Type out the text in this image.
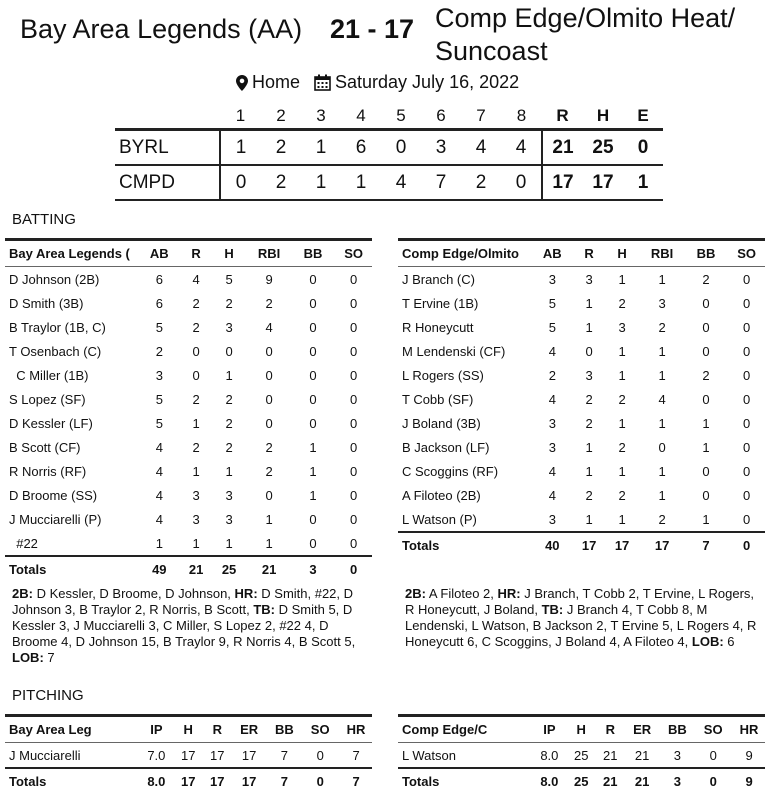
Bay Area Legends (AA) 21 - 17 Comp Edge/Olmito Heat/ Suncoast
Home Saturday July 16, 2022
	1	2	3	4	5	6	7	8	R	H	E
BYRL	1	2	1	6	0	3	4	4	21	25	0
CMPD	0	2	1	1	4	7	2	0	17	17	1
BATTING
Bay Area Legends (	AB	R	H	RBI	BB	SO
D Johnson (2B)	6	4	5	9	0	0
D Smith (3B)	6	2	2	2	0	0
B Traylor (1B, C)	5	2	3	4	0	0
T Osenbach (C)	2	0	0	0	0	0
C Miller (1B)	3	0	1	0	0	0
S Lopez (SF)	5	2	2	0	0	0
D Kessler (LF)	5	1	2	0	0	0
B Scott (CF)	4	2	2	2	1	0
R Norris (RF)	4	1	1	2	1	0
D Broome (SS)	4	3	3	0	1	0
J Mucciarelli (P)	4	3	3	1	0	0
#22	1	1	1	1	0	0
Totals	49	21	25	21	3	0
Comp Edge/Olmito	AB	R	H	RBI	BB	SO
J Branch (C)	3	3	1	1	2	0
T Ervine (1B)	5	1	2	3	0	0
R Honeycutt	5	1	3	2	0	0
M Lendenski (CF)	4	0	1	1	0	0
L Rogers (SS)	2	3	1	1	2	0
T Cobb (SF)	4	2	2	4	0	0
J Boland (3B)	3	2	1	1	1	0
B Jackson (LF)	3	1	2	0	1	0
C Scoggins (RF)	4	1	1	1	0	0
A Filoteo (2B)	4	2	2	1	0	0
L Watson (P)	3	1	1	2	1	0
Totals	40	17	17	17	7	0
2B: D Kessler, D Broome, D Johnson, HR: D Smith, #22, D Johnson 3, B Traylor 2, R Norris, B Scott, TB: D Smith 5, D Kessler 3, J Mucciarelli 3, C Miller, S Lopez 2, #22 4, D Broome 4, D Johnson 15, B Traylor 9, R Norris 4, B Scott 5, LOB: 7
2B: A Filoteo 2, HR: J Branch, T Cobb 2, T Ervine, L Rogers, R Honeycutt, J Boland, TB: J Branch 4, T Cobb 8, M Lendenski, L Watson, B Jackson 2, T Ervine 5, L Rogers 4, R Honeycutt 6, C Scoggins, J Boland 4, A Filoteo 4, LOB: 6
PITCHING
Bay Area Leg	IP	H	R	ER	BB	SO	HR
J Mucciarelli	7.0	17	17	17	7	0	7
Totals	8.0	17	17	17	7	0	7
Comp Edge/C	IP	H	R	ER	BB	SO	HR
L Watson	8.0	25	21	21	3	0	9
Totals	8.0	25	21	21	3	0	9
